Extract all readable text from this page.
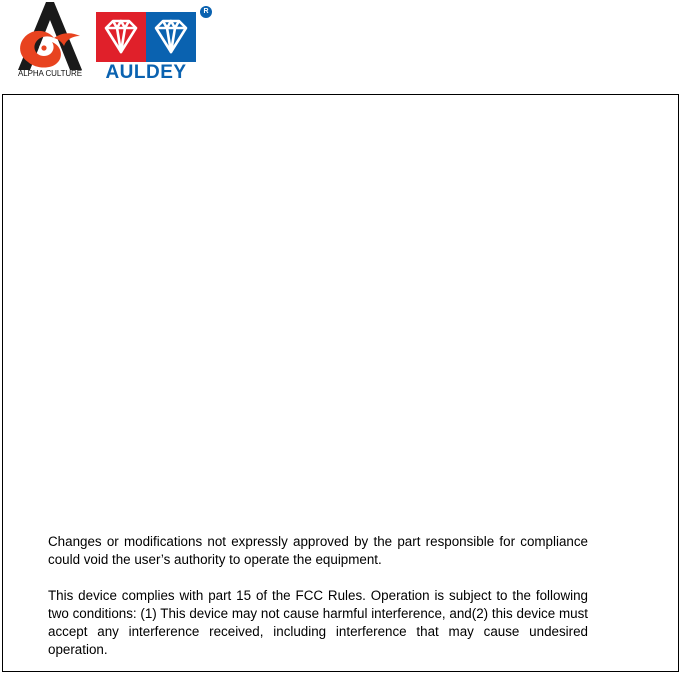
ALPHA CULTURE	AULDEY
R

Changes or modifications not expressly approved by the part responsible for compliance could void the user’s authority to operate the equipment.

This device complies with part 15 of the FCC Rules. Operation is subject to the following two conditions: (1) This device may not cause harmful interference, and(2) this device must accept any interference received, including interference that may cause undesired operation.
